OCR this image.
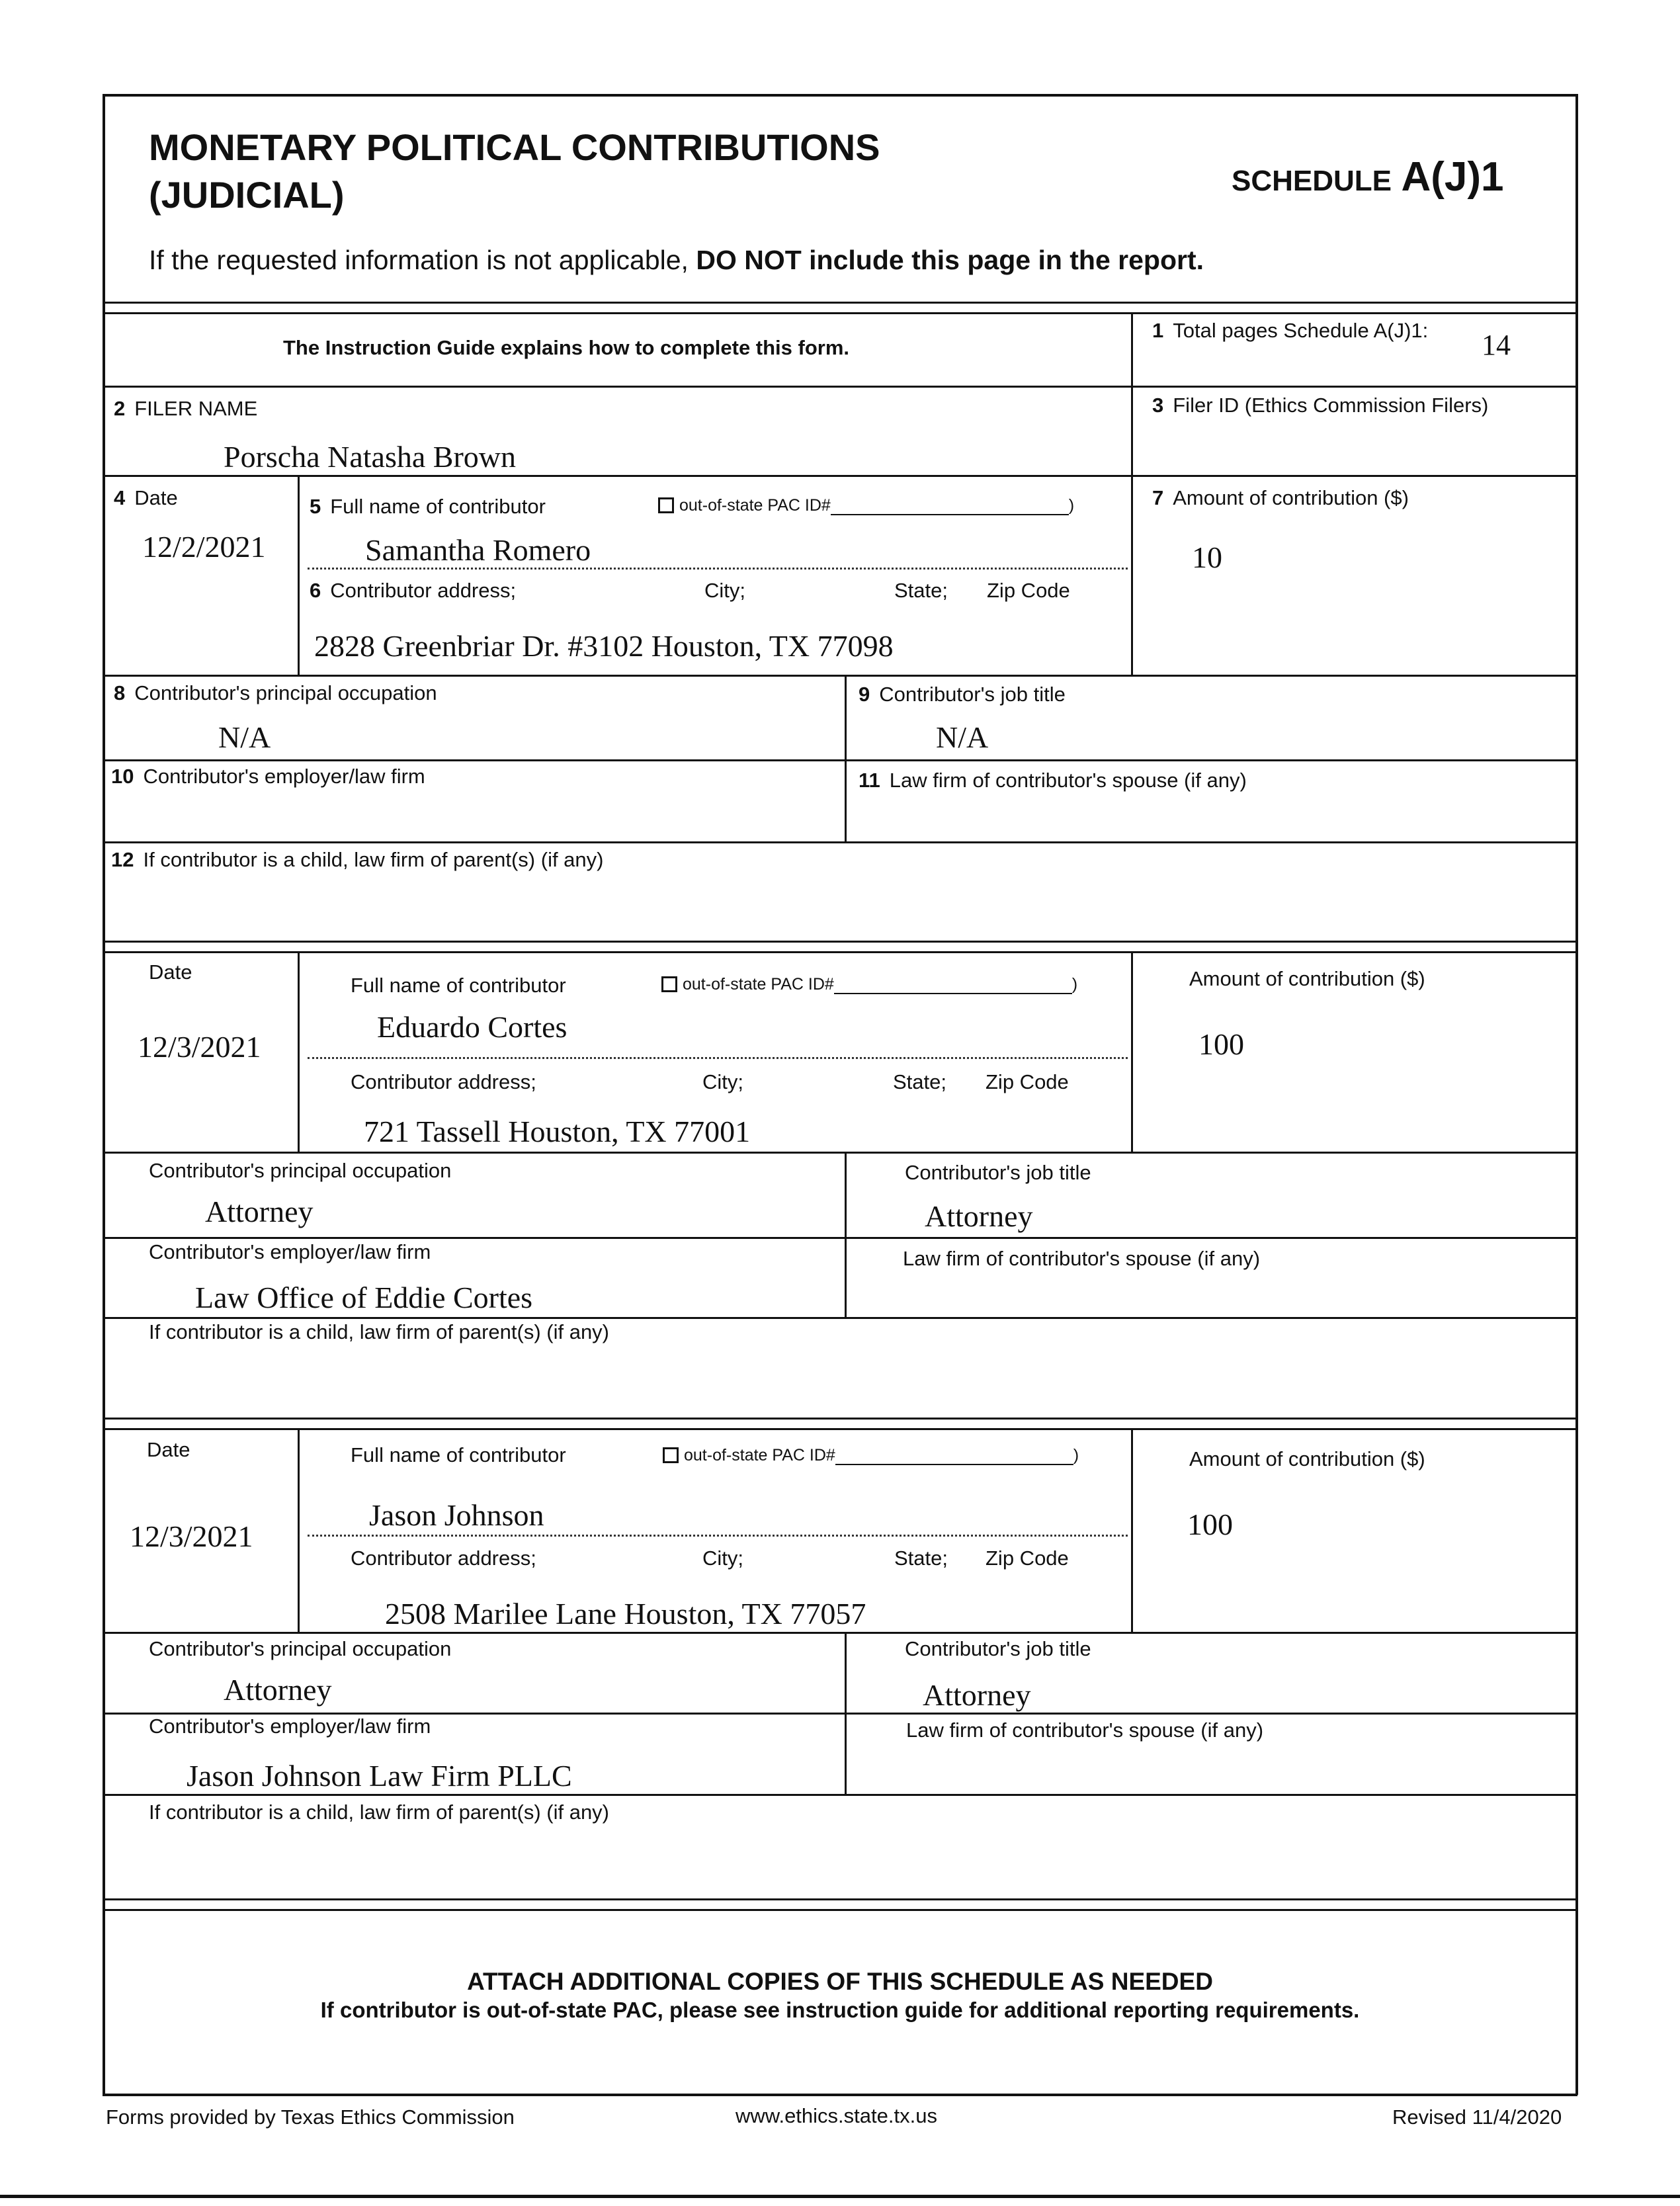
MONETARY POLITICAL CONTRIBUTIONS
(JUDICIAL)	SCHEDULE A(J)1
If the requested information is not applicable, DO NOT include this page in the report.
The Instruction Guide explains how to complete this form.
1 Total pages Schedule A(J)1: 14
2 FILER NAME
Porscha Natasha Brown
3 Filer ID (Ethics Commission Filers)
4 Date
12/2/2021
5 Full name of contributor	out-of-state PAC ID#	)
Samantha Romero
6 Contributor address;	City;	State; Zip Code
2828 Greenbriar Dr. #3102 Houston, TX 77098
7 Amount of contribution ($)
10
8 Contributor's principal occupation
N/A
9 Contributor's job title
N/A
10 Contributor's employer/law firm	11 Law firm of contributor's spouse (if any)
12 If contributor is a child, law firm of parent(s) (if any)
Date
12/3/2021
Full name of contributor	out-of-state PAC ID#	)
Eduardo Cortes
Contributor address;	City;	State; Zip Code
721 Tassell Houston, TX 77001
Amount of contribution ($)
100
Contributor's principal occupation
Attorney
Contributor's job title
Attorney
Contributor's employer/law firm
Law Office of Eddie Cortes
Law firm of contributor's spouse (if any)
If contributor is a child, law firm of parent(s) (if any)
Date
12/3/2021
Full name of contributor	out-of-state PAC ID#	)
Jason Johnson
Contributor address;	City;	State; Zip Code
2508 Marilee Lane Houston, TX 77057
Amount of contribution ($)
100
Contributor's principal occupation
Attorney
Contributor's job title
Attorney
Contributor's employer/law firm
Jason Johnson Law Firm PLLC
Law firm of contributor's spouse (if any)
If contributor is a child, law firm of parent(s) (if any)
ATTACH ADDITIONAL COPIES OF THIS SCHEDULE AS NEEDED
If contributor is out-of-state PAC, please see instruction guide for additional reporting requirements.
Forms provided by Texas Ethics Commission	www.ethics.state.tx.us	Revised 11/4/2020
